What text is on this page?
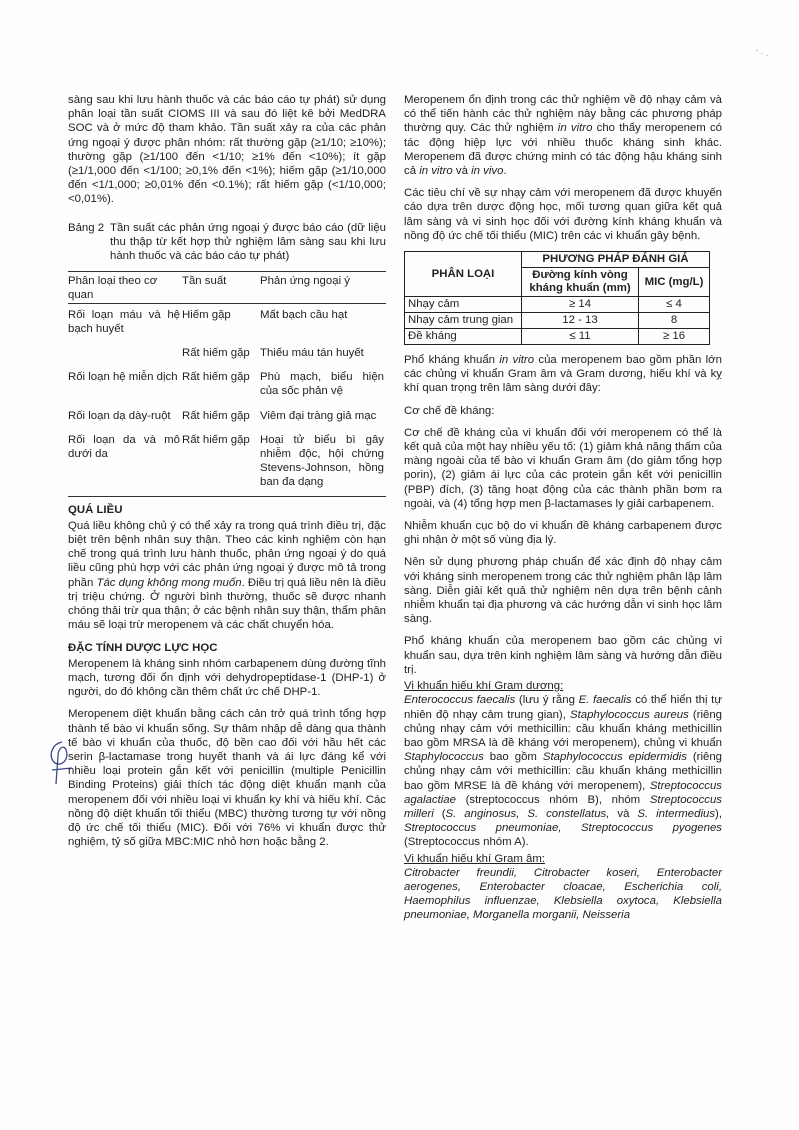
' · .

sàng sau khi lưu hành thuốc và các báo cáo tự phát) sử dụng phân loại tần suất CIOMS III và sau đó liệt kê bởi MedDRA SOC và ở mức độ tham khảo. Tần suất xảy ra của các phản ứng ngoại ý được phân nhóm: rất thường gặp (≥1/10; ≥10%); thường gặp (≥1/100 đến <1/10; ≥1% đến <10%); ít gặp (≥1/1,000 đến <1/100; ≥0,1% đến <1%); hiếm gặp (≥1/10,000 đến <1/1,000; ≥0,01% đến <0.1%); rất hiếm gặp (<1/10,000; <0,01%).

Bảng 2 Tần suất các phản ứng ngoại ý được báo cáo (dữ liệu thu thập từ kết hợp thử nghiệm lâm sàng sau khi lưu hành thuốc và các báo cáo tự phát)
Phân loại theo cơ quan	Tần suất	Phản ứng ngoại ý
Rối loạn máu và hệ bạch huyết	Hiếm gặp	Mất bạch cầu hạt
	Rất hiếm gặp	Thiếu máu tán huyết
Rối loạn hệ miễn dịch	Rất hiếm gặp	Phù mạch, biểu hiện của sốc phản vệ
Rối loạn dạ dày-ruột	Rất hiếm gặp	Viêm đại tràng giả mạc
Rối loạn da và mô dưới da	Rất hiếm gặp	Hoại tử biểu bì gây nhiễm độc, hội chứng Stevens-Johnson, hồng ban đa dạng
QUÁ LIỀU

Quá liều không chủ ý có thể xảy ra trong quá trình điều trị, đặc biệt trên bệnh nhân suy thận. Theo các kinh nghiệm còn hạn chế trong quá trình lưu hành thuốc, phản ứng ngoại ý do quá liều cũng phù hợp với các phản ứng ngoại ý được mô tả trong phần Tác dụng không mong muốn. Điều trị quá liều nên là điều trị triệu chứng. Ở người bình thường, thuốc sẽ được nhanh chóng thải trừ qua thận; ở các bệnh nhân suy thận, thẩm phân máu sẽ loại trừ meropenem và các chất chuyển hóa.

ĐẶC TÍNH DƯỢC LỰC HỌC

Meropenem là kháng sinh nhóm carbapenem dùng đường tĩnh mạch, tương đối ổn định với dehydropeptidase-1 (DHP-1) ở người, do đó không cần thêm chất ức chế DHP-1.

Meropenem diệt khuẩn bằng cách cản trở quá trình tổng hợp thành tế bào vi khuẩn sống. Sự thâm nhập dễ dàng qua thành tế bào vi khuẩn của thuốc, độ bền cao đối với hầu hết các serin β-lactamase trong huyết thanh và ái lực đáng kể với nhiều loại protein gắn kết với penicillin (multiple Penicillin Binding Proteins) giải thích tác động diệt khuẩn mạnh của meropenem đối với nhiều loại vi khuẩn ky khí và hiếu khí. Các nồng độ diệt khuẩn tối thiểu (MBC) thường tương tự với nồng độ ức chế tối thiểu (MIC). Đối với 76% vi khuẩn được thử nghiệm, tỷ số giữa MBC:MIC nhỏ hơn hoặc bằng 2.

Meropenem ổn định trong các thử nghiệm về độ nhạy cảm và có thể tiến hành các thử nghiệm này bằng các phương pháp thường quy. Các thử nghiệm in vitro cho thấy meropenem có tác động hiệp lực với nhiều thuốc kháng sinh khác. Meropenem đã được chứng minh có tác động hậu kháng sinh cả in vitro và in vivo.

Các tiêu chí về sự nhạy cảm với meropenem đã được khuyến cáo dựa trên dược động học, mối tương quan giữa kết quả lâm sàng và vi sinh học đối với đường kính kháng khuẩn và nồng độ ức chế tối thiểu (MIC) trên các vi khuẩn gây bệnh.

PHÂN LOẠI	PHƯƠNG PHÁP ĐÁNH GIÁ	
	Đường kính vòng kháng khuẩn (mm)	MIC (mg/L)
Nhạy cảm	≥ 14	≤ 4
Nhạy cảm trung gian	12 - 13	8
Đề kháng	≤ 11	≥ 16

Phổ kháng khuẩn in vitro của meropenem bao gồm phần lớn các chủng vi khuẩn Gram âm và Gram dương, hiếu khí và kỵ khí quan trọng trên lâm sàng dưới đây:

Cơ chế đề kháng:

Cơ chế đề kháng của vi khuẩn đối với meropenem có thể là kết quả của một hay nhiều yếu tố: (1) giảm khả năng thấm của màng ngoài của tế bào vi khuẩn Gram âm (do giảm tổng hợp porin), (2) giảm ái lực của các protein gắn kết với penicillin (PBP) đích, (3) tăng hoạt động của các thành phần bơm ra ngoài, và (4) tổng hợp men β-lactamases ly giải carbapenem.

Nhiễm khuẩn cục bộ do vi khuẩn đề kháng carbapenem được ghi nhận ở một số vùng địa lý.

Nên sử dụng phương pháp chuẩn để xác định độ nhạy cảm với kháng sinh meropenem trong các thử nghiệm phân lập lâm sàng. Diễn giải kết quả thử nghiệm nên dựa trên bệnh cảnh nhiễm khuẩn tại địa phương và các hướng dẫn vi sinh học lâm sàng.

Phổ kháng khuẩn của meropenem bao gồm các chủng vi khuẩn sau, dựa trên kinh nghiệm lâm sàng và hướng dẫn điều trị.

Vi khuẩn hiếu khí Gram dương:

Enterococcus faecalis (lưu ý rằng E. faecalis có thể hiển thị tự nhiên độ nhạy cảm trung gian), Staphylococcus aureus (riêng chủng nhạy cảm với methicillin: cầu khuẩn kháng methicillin bao gồm MRSA là đề kháng với meropenem), chủng vi khuẩn Staphylococcus bao gồm Staphylococcus epidermidis (riêng chủng nhạy cảm với methicillin: cầu khuẩn kháng methicillin bao gồm MRSE là đề kháng với meropenem), Streptococcus agalactiae (streptococcus nhóm B), nhóm Streptococcus milleri (S. anginosus, S. constellatus, và S. intermedius), Streptococcus pneumoniae, Streptococcus pyogenes (Streptococcus nhóm A).

Vi khuẩn hiếu khí Gram âm:

Citrobacter freundii, Citrobacter koseri, Enterobacter aerogenes, Enterobacter cloacae, Escherichia coli, Haemophilus influenzae, Klebsiella oxytoca, Klebsiella pneumoniae, Morganella morganii, Neisseria
